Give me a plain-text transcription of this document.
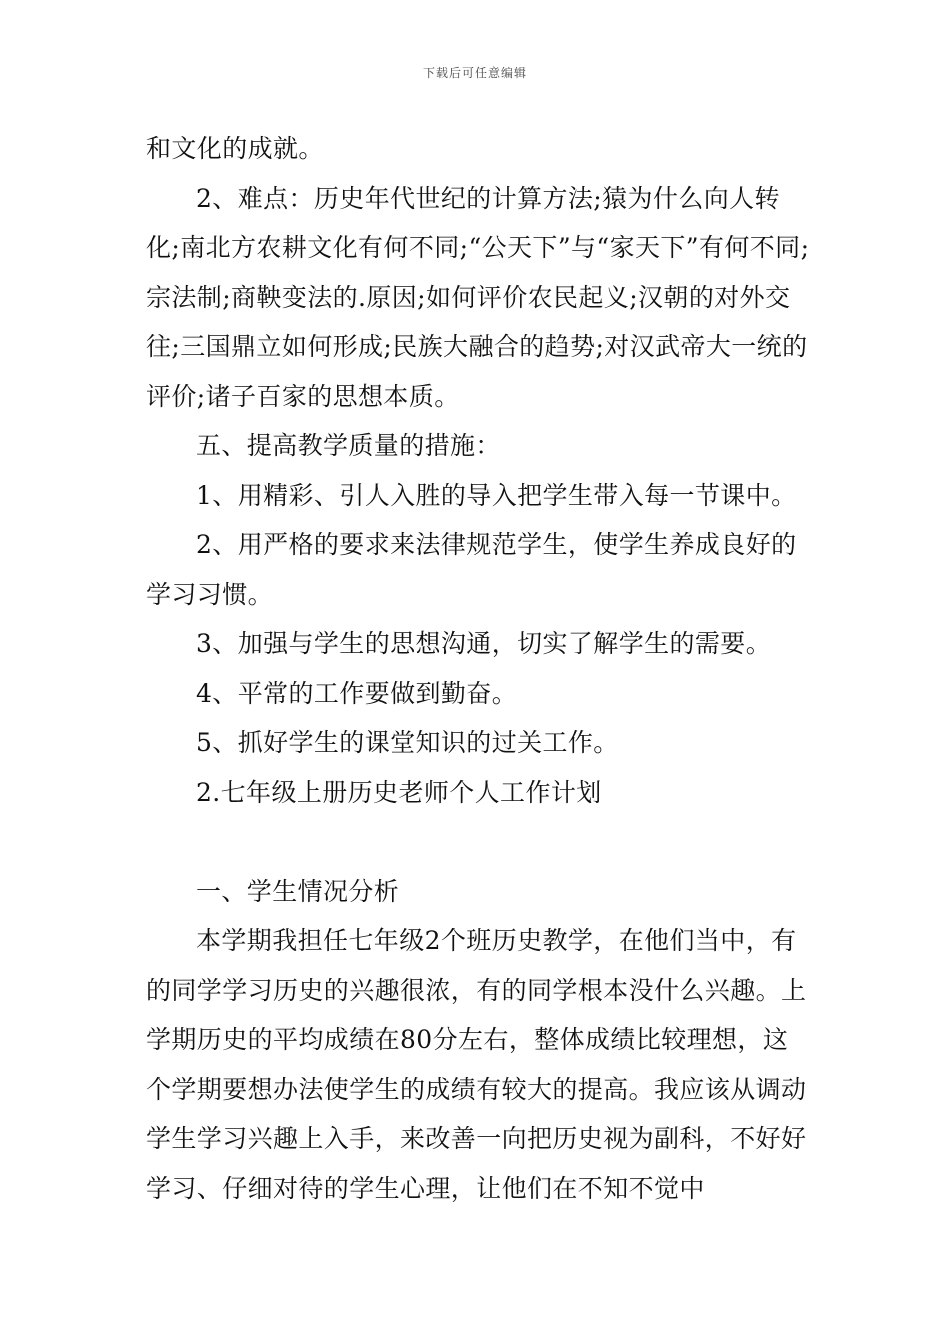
下载后可任意编辑

和文化的成就。

2、难点：历史年代世纪的计算方法;猿为什么向人转化;南北方农耕文化有何不同;“公天下”与“家天下”有何不同;宗法制;商鞅变法的.原因;如何评价农民起义;汉朝的对外交往;三国鼎立如何形成;民族大融合的趋势;对汉武帝大一统的评价;诸子百家的思想本质。

五、提高教学质量的措施：

1、用精彩、引人入胜的导入把学生带入每一节课中。

2、用严格的要求来法律规范学生，使学生养成良好的学习习惯。

3、加强与学生的思想沟通，切实了解学生的需要。

4、平常的工作要做到勤奋。

5、抓好学生的课堂知识的过关工作。

2.七年级上册历史老师个人工作计划

一、学生情况分析

本学期我担任七年级2个班历史教学，在他们当中，有的同学学习历史的兴趣很浓，有的同学根本没什么兴趣。上学期历史的平均成绩在80分左右，整体成绩比较理想，这个学期要想办法使学生的成绩有较大的提高。我应该从调动学生学习兴趣上入手，来改善一向把历史视为副科，不好好学习、仔细对待的学生心理，让他们在不知不觉中
